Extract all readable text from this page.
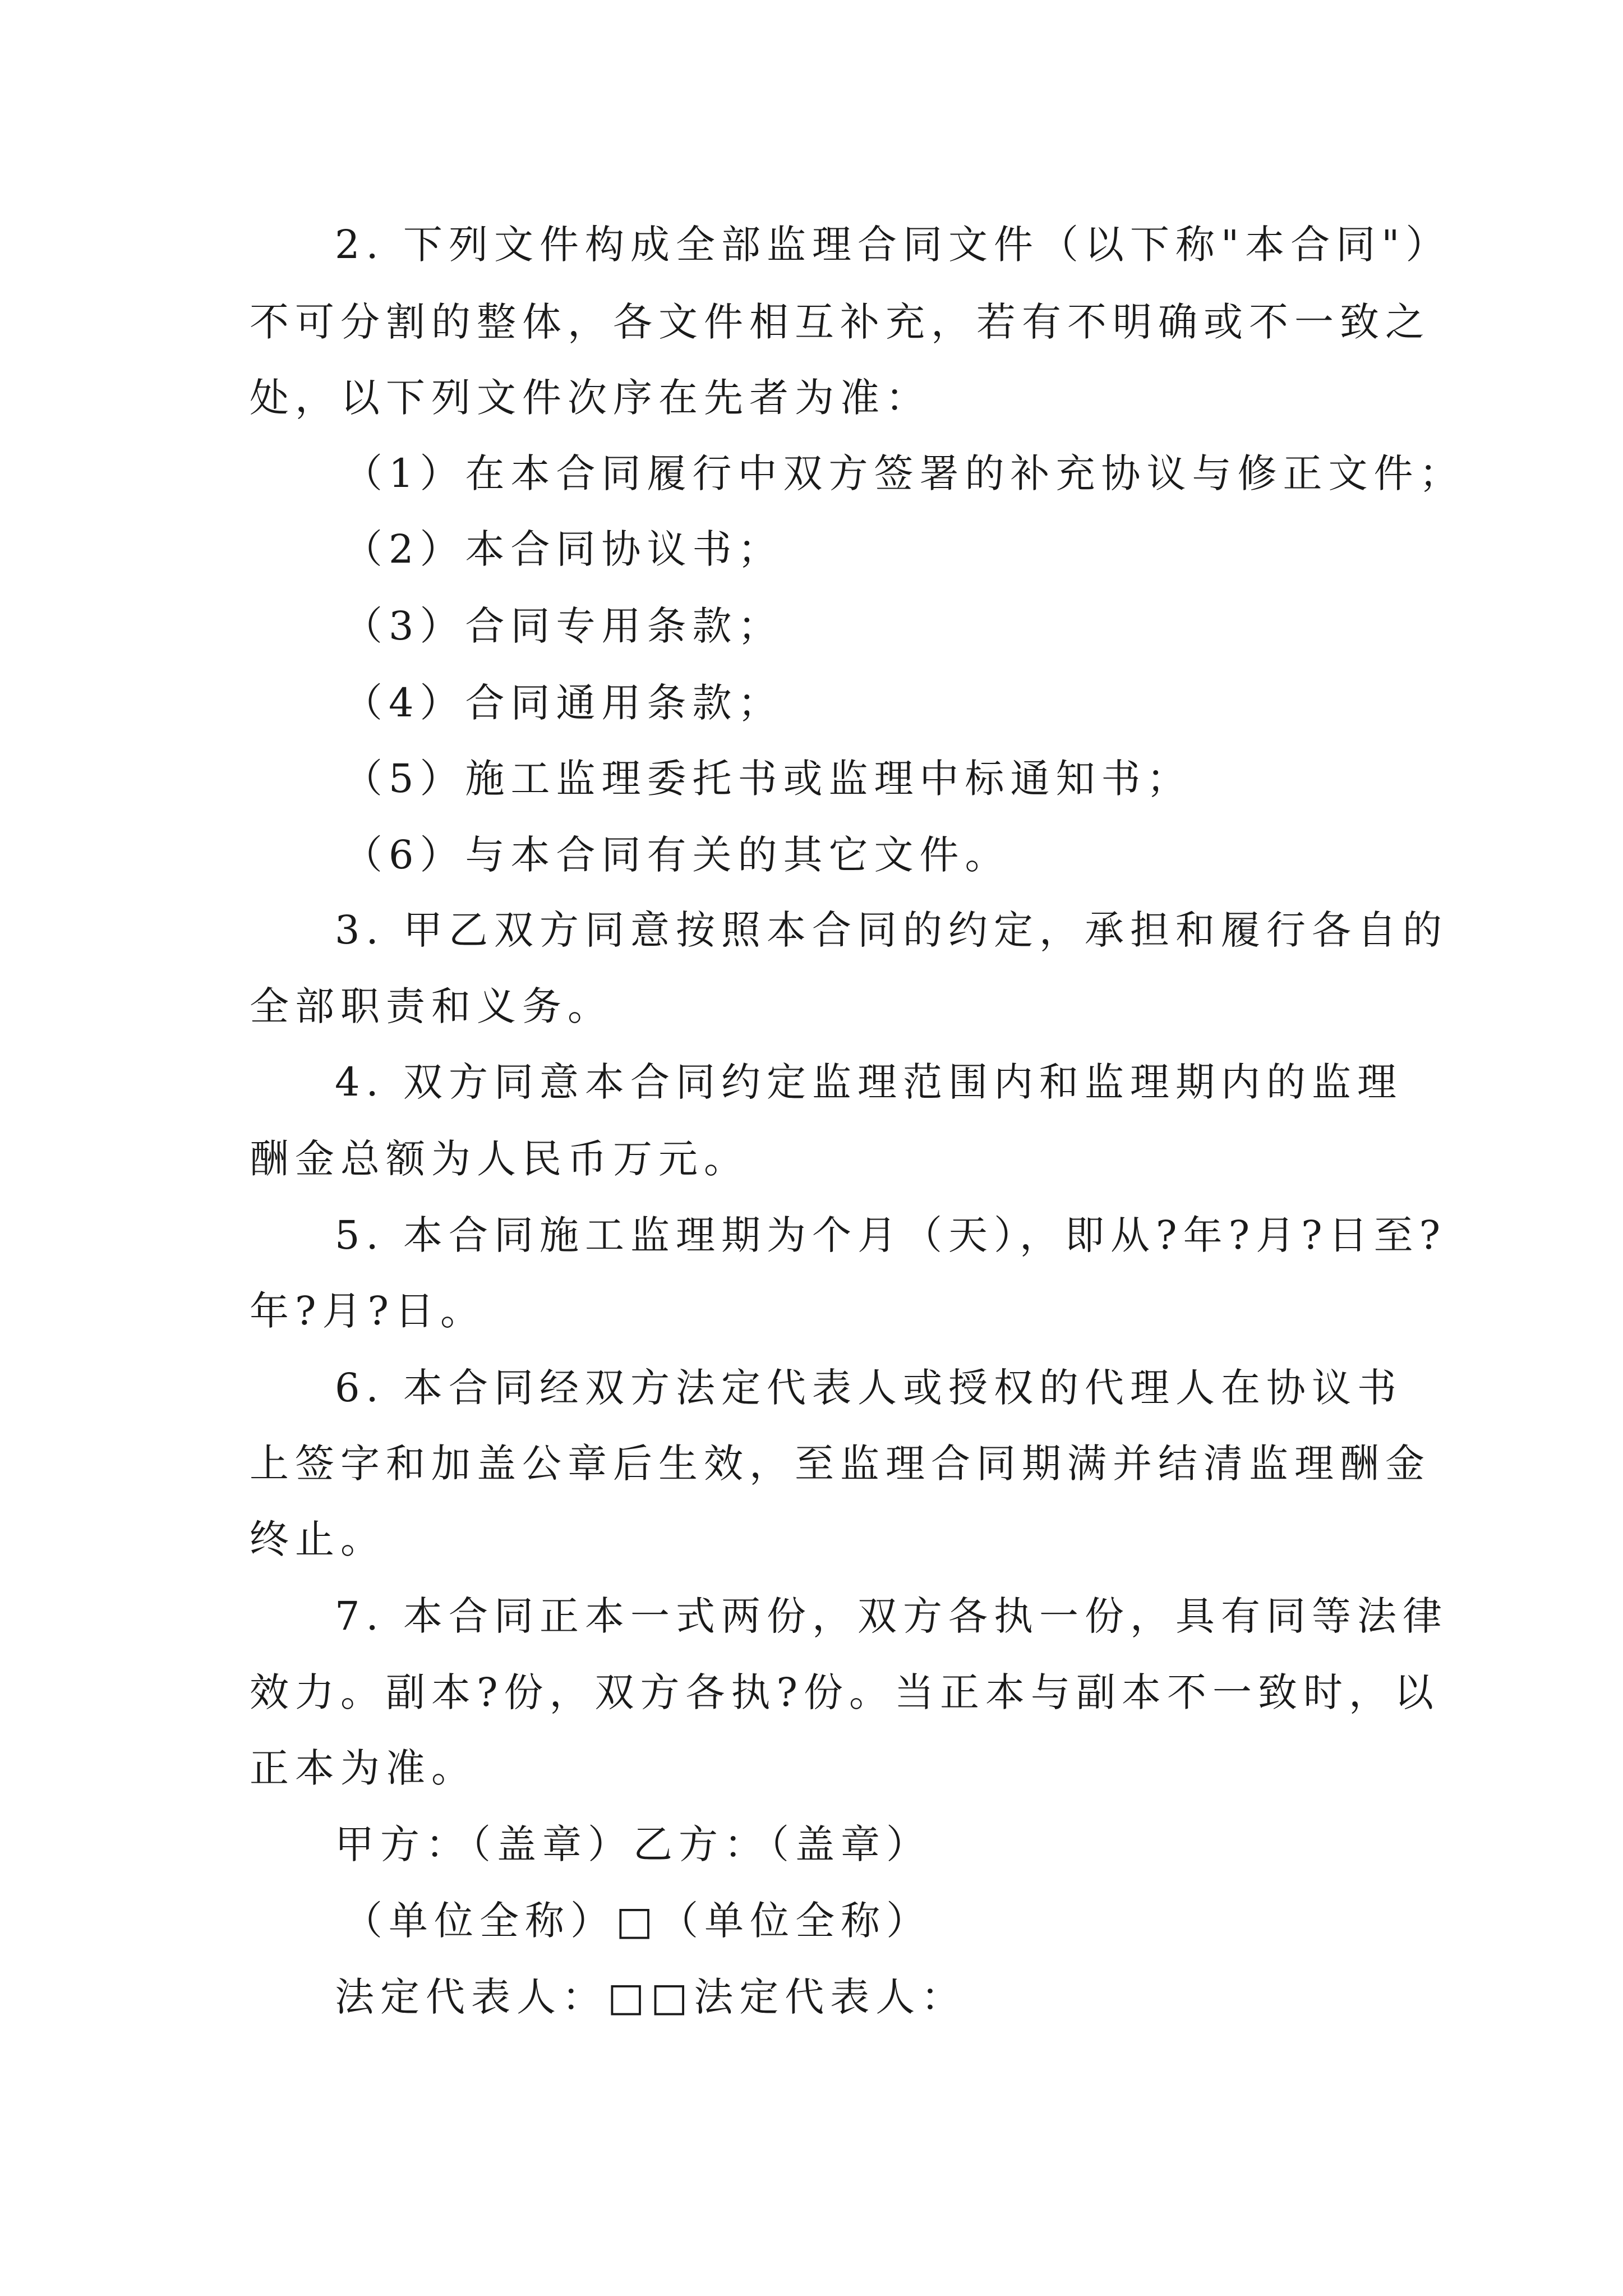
2. 下列文件构成全部监理合同文件（以下称"本合同"）

不可分割的整体，各文件相互补充，若有不明确或不一致之

处，以下列文件次序在先者为准：

（1）在本合同履行中双方签署的补充协议与修正文件；

（2）本合同协议书；

（3）合同专用条款；

（4）合同通用条款；

（5）施工监理委托书或监理中标通知书；

（6）与本合同有关的其它文件。

3. 甲乙双方同意按照本合同的约定，承担和履行各自的

全部职责和义务。

4. 双方同意本合同约定监理范围内和监理期内的监理

酬金总额为人民币万元。

5. 本合同施工监理期为个月（天），即从?年?月?日至?

年?月?日。

6. 本合同经双方法定代表人或授权的代理人在协议书

上签字和加盖公章后生效，至监理合同期满并结清监理酬金

终止。

7. 本合同正本一式两份，双方各执一份，具有同等法律

效力。副本?份，双方各执?份。当正本与副本不一致时，以

正本为准。

甲方：（盖章）乙方：（盖章）

（单位全称）□（单位全称）

法定代表人：□□法定代表人：
